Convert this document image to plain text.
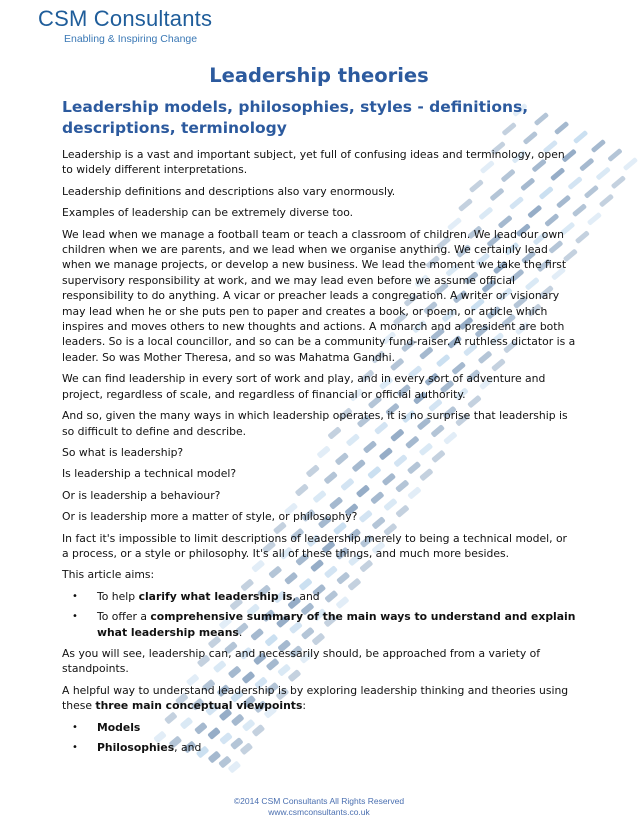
CSM Consultants
Enabling & Inspiring Change
Leadership theories
Leadership models, philosophies, styles - definitions, descriptions, terminology

Leadership is a vast and important subject, yet full of confusing ideas and terminology, open to widely different interpretations.

Leadership definitions and descriptions also vary enormously.

Examples of leadership can be extremely diverse too.

We lead when we manage a football team or teach a classroom of children. We lead our own children when we are parents, and we lead when we organise anything. We certainly lead when we manage projects, or develop a new business. We lead the moment we take the first supervisory responsibility at work, and we may lead even before we assume official responsibility to do anything. A vicar or preacher leads a congregation. A writer or visionary may lead when he or she puts pen to paper and creates a book, or poem, or article which inspires and moves others to new thoughts and actions. A monarch and a president are both leaders. So is a local councillor, and so can be a community fund-raiser. A ruthless dictator is a leader. So was Mother Theresa, and so was Mahatma Gandhi.

We can find leadership in every sort of work and play, and in every sort of adventure and project, regardless of scale, and regardless of financial or official authority.

And so, given the many ways in which leadership operates, it is no surprise that leadership is so difficult to define and describe.

So what is leadership?

Is leadership a technical model?

Or is leadership a behaviour?

Or is leadership more a matter of style, or philosophy?

In fact it's impossible to limit descriptions of leadership merely to being a technical model, or a process, or a style or philosophy. It's all of these things, and much more besides.

This article aims:

• To help clarify what leadership is, and
• To offer a comprehensive summary of the main ways to understand and explain what leadership means.

As you will see, leadership can, and necessarily should, be approached from a variety of standpoints.

A helpful way to understand leadership is by exploring leadership thinking and theories using these three main conceptual viewpoints:

• Models
• Philosophies, and
©2014 CSM Consultants All Rights Reserved
www.csmconsultants.co.uk
